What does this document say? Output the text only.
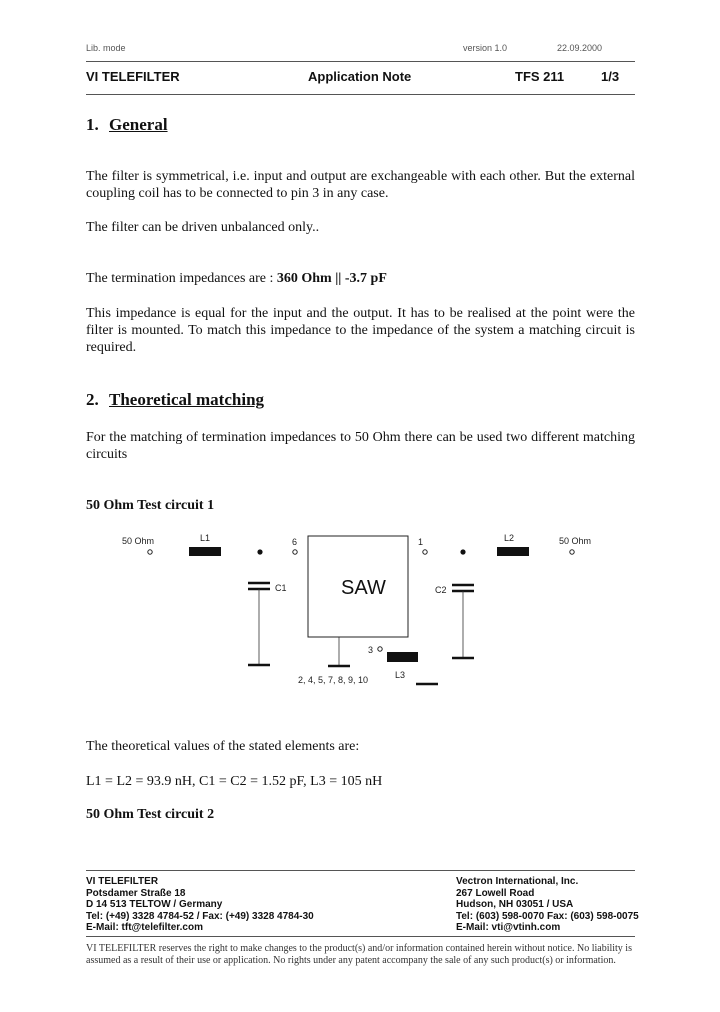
Lib. mode	version 1.0	22.09.2000
VI TELEFILTER	Application Note	TFS 211	1/3
1. General

The filter is symmetrical, i.e. input and output are exchangeable with each other. But the external coupling coil has to be connected to pin 3 in any case.

The filter can be driven unbalanced only..

The termination impedances are : 360 Ohm || -3.7 pF

This impedance is equal for the input and the output. It has to be realised at the point were the filter is mounted. To match this impedance to the impedance of the system a matching circuit is required.

2. Theoretical matching

For the matching of termination impedances to 50 Ohm there can be used two different matching circuits

50 Ohm Test circuit 1

50 Ohm	L1	6
C1	SAW
2, 4, 5, 7, 8, 9, 10
3
L3
1
C2
L2	50 Ohm

The theoretical values of the stated elements are:

L1 = L2 = 93.9 nH, C1 = C2 = 1.52 pF, L3 = 105 nH

50 Ohm Test circuit 2

VI TELEFILTER
Potsdamer Straße 18
D 14 513 TELTOW / Germany
Tel: (+49) 3328 4784-52 / Fax: (+49) 3328 4784-30
E-Mail: tft@telefilter.com
Vectron International, Inc.
267 Lowell Road
Hudson, NH 03051 / USA
Tel: (603) 598-0070 Fax: (603) 598-0075
E-Mail: vti@vtinh.com

VI TELEFILTER reserves the right to make changes to the product(s) and/or information contained herein without notice. No liability is assumed as a result of their use or application. No rights under any patent accompany the sale of any such product(s) or information.
